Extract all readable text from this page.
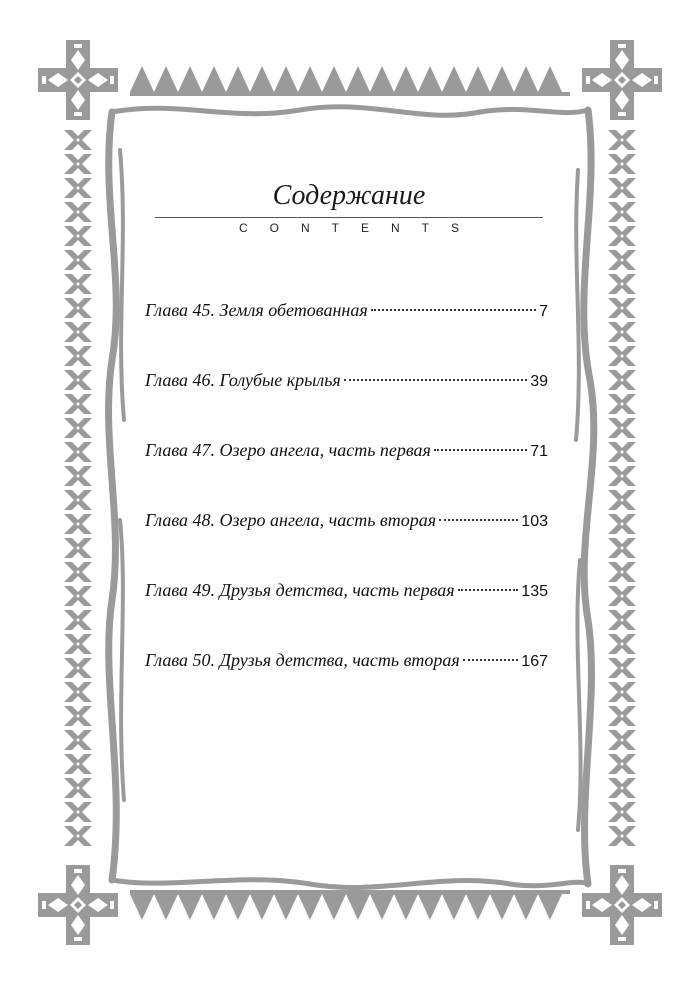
Содержание
CONTENTS
Глава 45. Земля обетованная	7
Глава 46. Голубые крылья	39
Глава 47. Озеро ангела, часть первая	71
Глава 48. Озеро ангела, часть вторая	103
Глава 49. Друзья детства, часть первая	135
Глава 50. Друзья детства, часть вторая	167
